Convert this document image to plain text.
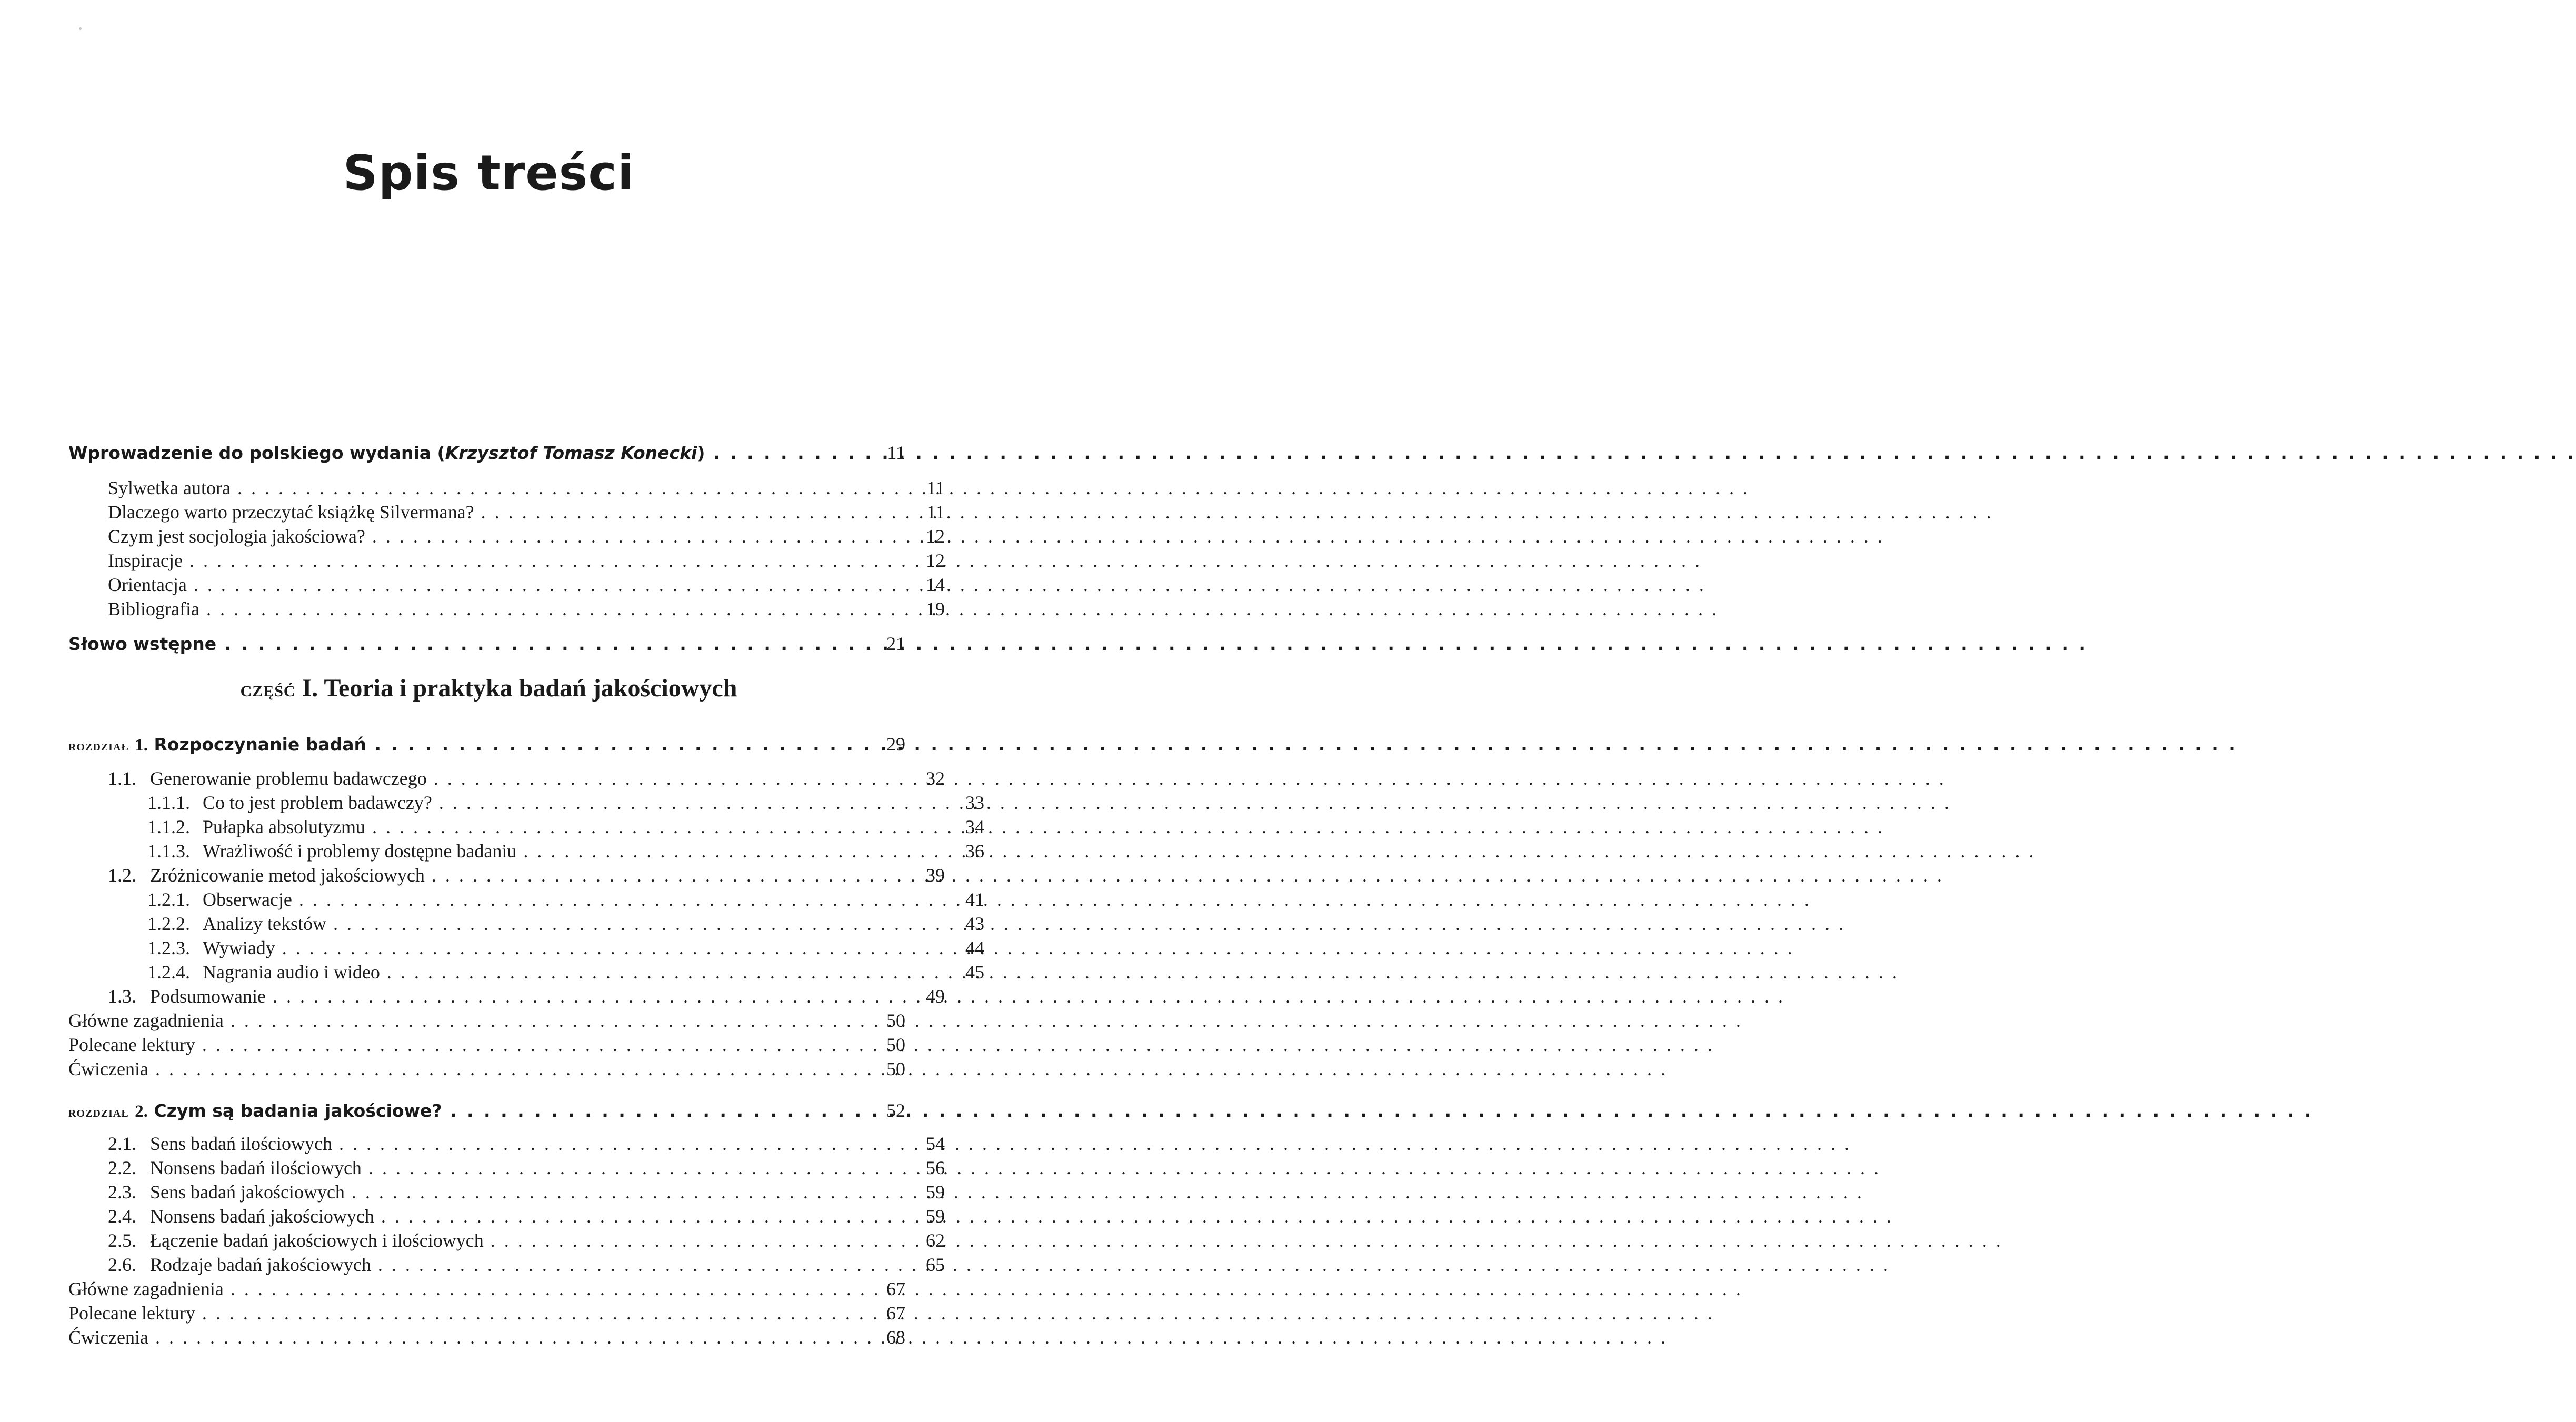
Spis treści
Wprowadzenie do polskiego wydania (Krzysztof Tomasz Konecki) . . .	11
Sylwetka autora . . .	11
Dlaczego warto przeczytać książkę Silvermana? . . .	11
Czym jest socjologia jakościowa? . . .	12
Inspiracje . . .	12
Orientacja . . .	14
Bibliografia . . .	19
Słowo wstępne . . .	21
ROZDZIAŁ 1. Rozpoczynanie badań . . .	29
1.1. Generowanie problemu badawczego . . .	32
1.1.1. Co to jest problem badawczy? . . .	33
1.1.2. Pułapka absolutyzmu . . .	34
1.1.3. Wrażliwość i problemy dostępne badaniu . . .	36
1.2. Zróżnicowanie metod jakościowych . . .	39
1.2.1. Obserwacje . . .	41
1.2.2. Analizy tekstów . . .	43
1.2.3. Wywiady . . .	44
1.2.4. Nagrania audio i wideo . . .	45
1.3. Podsumowanie . . .	49
Główne zagadnienia . . .	50
Polecane lektury . . .	50
Ćwiczenia . . .	50
ROZDZIAŁ 2. Czym są badania jakościowe? . . .	52
2.1. Sens badań ilościowych . . .	54
2.2. Nonsens badań ilościowych . . .	56
2.3. Sens badań jakościowych . . .	59
2.4. Nonsens badań jakościowych . . .	59
2.5. Łączenie badań jakościowych i ilościowych . . .	62
2.6. Rodzaje badań jakościowych . . .	65
Główne zagadnienia . . .	67
Polecane lektury . . .	67
Ćwiczenia . . .	68
CZĘŚĆ I. Teoria i praktyka badań jakościowych
